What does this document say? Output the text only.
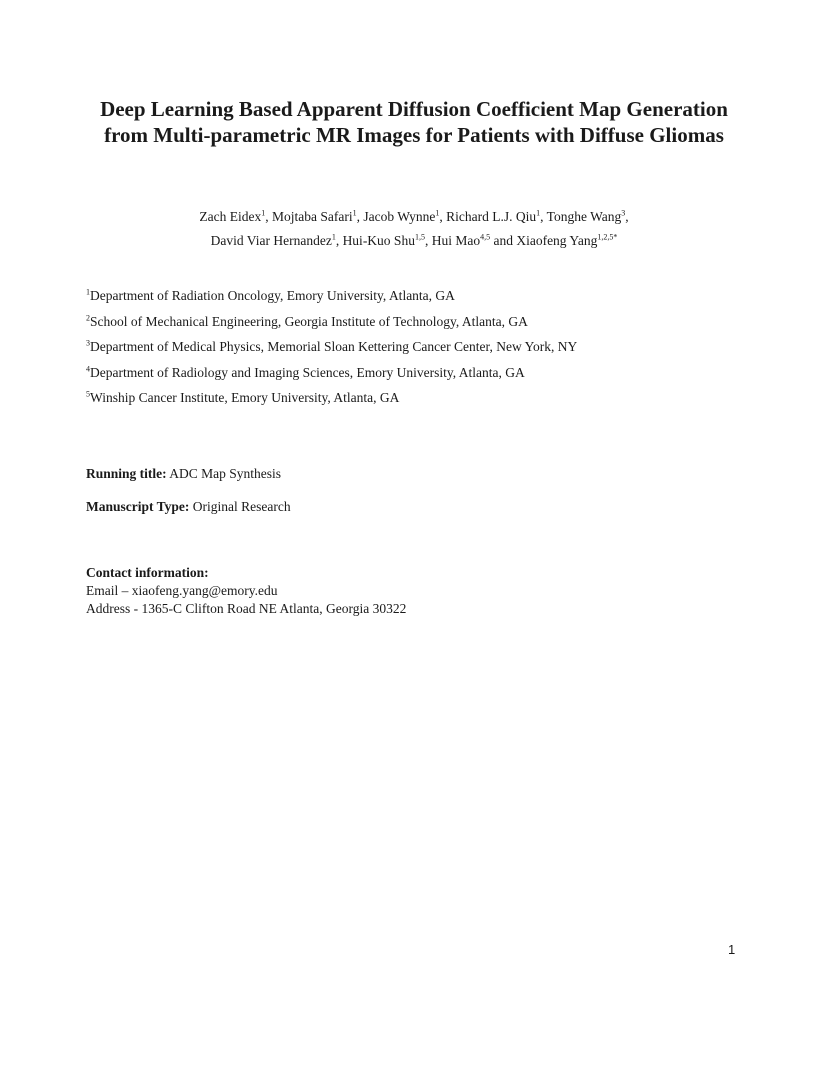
Deep Learning Based Apparent Diffusion Coefficient Map Generation
from Multi-parametric MR Images for Patients with Diffuse Gliomas
Zach Eidex$^1$, Mojtaba Safari$^1$, Jacob Wynne$^1$, Richard L.J. Qiu$^1$, Tonghe Wang$^3$,
David Viar Hernandez$^1$, Hui-Kuo Shu$^{1,5}$, Hui Mao$^{4,5}$ and Xiaofeng Yang$^{1,2,5*}$
$^1$Department of Radiation Oncology, Emory University, Atlanta, GA
$^2$School of Mechanical Engineering, Georgia Institute of Technology, Atlanta, GA
$^3$Department of Medical Physics, Memorial Sloan Kettering Cancer Center, New York, NY
$^4$Department of Radiology and Imaging Sciences, Emory University, Atlanta, GA
$^5$Winship Cancer Institute, Emory University, Atlanta, GA
Running title: ADC Map Synthesis
Manuscript Type: Original Research
Contact information:
Email – xiaofeng.yang@emory.edu
Address - 1365-C Clifton Road NE Atlanta, Georgia 30322
1
